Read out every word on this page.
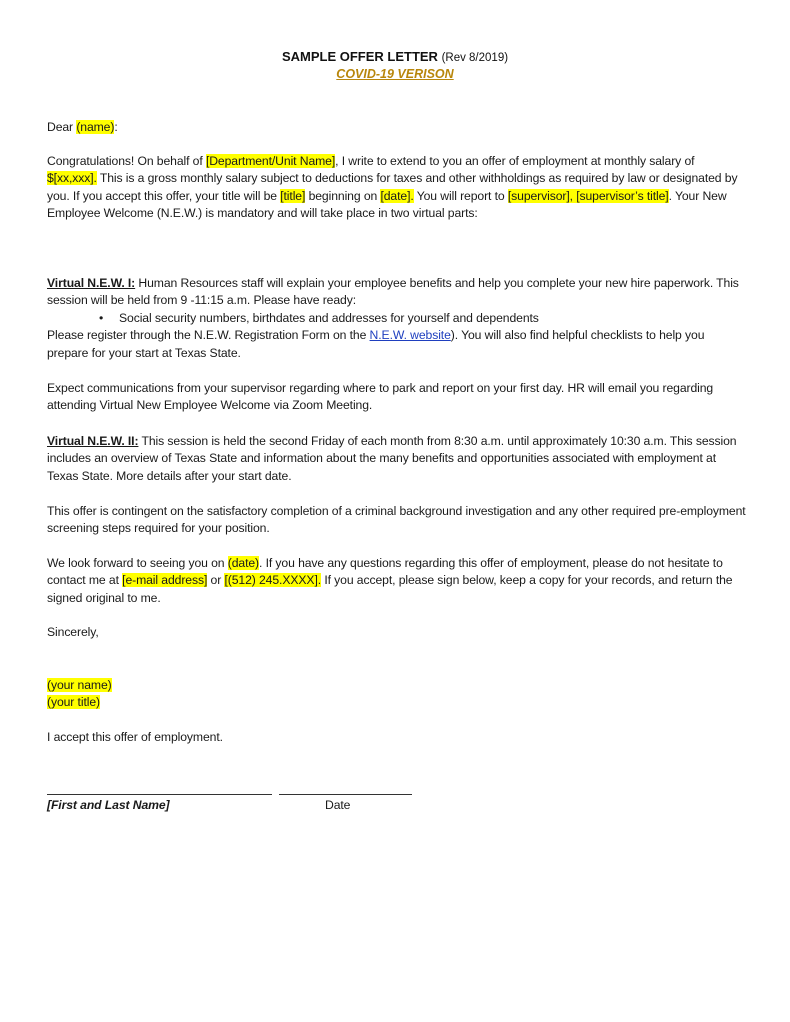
SAMPLE OFFER LETTER (Rev 8/2019)
COVID-19 VERISON

Dear (name):

Congratulations! On behalf of [Department/Unit Name], I write to extend to you an offer of employment at monthly salary of $[xx,xxx]. This is a gross monthly salary subject to deductions for taxes and other withholdings as required by law or designated by you. If you accept this offer, your title will be [title] beginning on [date]. You will report to [supervisor], [supervisor’s title]. Your New Employee Welcome (N.E.W.) is mandatory and will take place in two virtual parts:

Virtual N.E.W. I: Human Resources staff will explain your employee benefits and help you complete your new hire paperwork. This session will be held from 9 -11:15 a.m. Please have ready:

• Social security numbers, birthdates and addresses for yourself and dependents

Please register through the N.E.W. Registration Form on the N.E.W. website). You will also find helpful checklists to help you prepare for your start at Texas State.

Expect communications from your supervisor regarding where to park and report on your first day. HR will email you regarding attending Virtual New Employee Welcome via Zoom Meeting.

Virtual N.E.W. II: This session is held the second Friday of each month from 8:30 a.m. until approximately 10:30 a.m. This session includes an overview of Texas State and information about the many benefits and opportunities associated with employment at Texas State. More details after your start date.

This offer is contingent on the satisfactory completion of a criminal background investigation and any other required pre-employment screening steps required for your position.

We look forward to seeing you on (date). If you have any questions regarding this offer of employment, please do not hesitate to contact me at [e-mail address] or [(512) 245.XXXX]. If you accept, please sign below, keep a copy for your records, and return the signed original to me.

Sincerely,

(your name)

(your title)

I accept this offer of employment.

[First and Last Name]	Date
